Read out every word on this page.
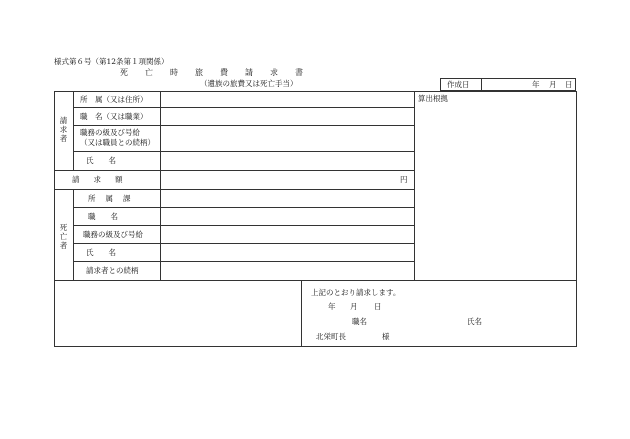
様式第６号（第12条第１項関係）
死亡時旅費請求書
（遺族の旅費又は死亡手当）	作成日	年 月 日
請求者
所　属（又は住所）
職　名（又は職業）
職務の級及び号給
（又は職員との続柄）
氏　　名
請求額	円
死亡者
所属課
職　　名
職務の級及び号給
氏　　名
請求者との続柄
算出根拠
上記のとおり請求します。
年 月 日
職名	氏名
北栄町長	様
